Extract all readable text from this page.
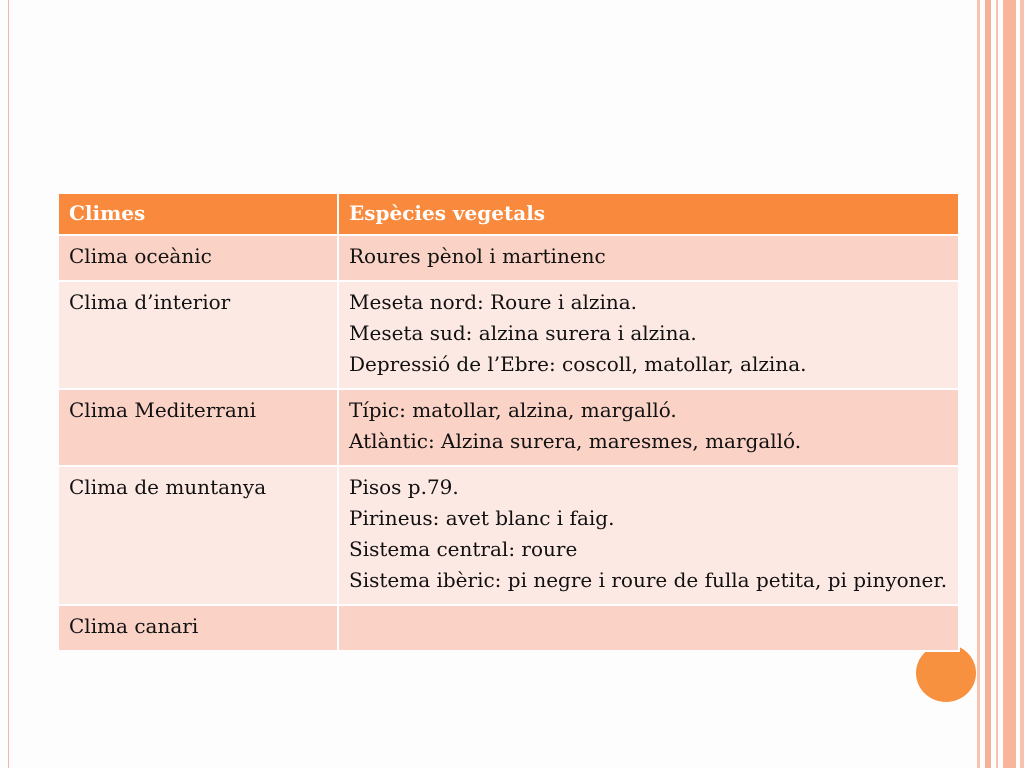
Climes	Espècies vegetals
Clima oceànic	Roures pènol i martinenc

Clima d’interior	Meseta nord: Roure i alzina.
Meseta sud: alzina surera i alzina.
Depressió de l’Ebre: coscoll, matollar, alzina.

Clima Mediterrani	Típic: matollar, alzina, margalló.
Atlàntic: Alzina surera, maresmes, margalló.

Clima de muntanya	Pisos p.79.
Pirineus: avet blanc i faig.
Sistema central: roure
Sistema ibèric: pi negre i roure de fulla petita, pi pinyoner.

Clima canari	
